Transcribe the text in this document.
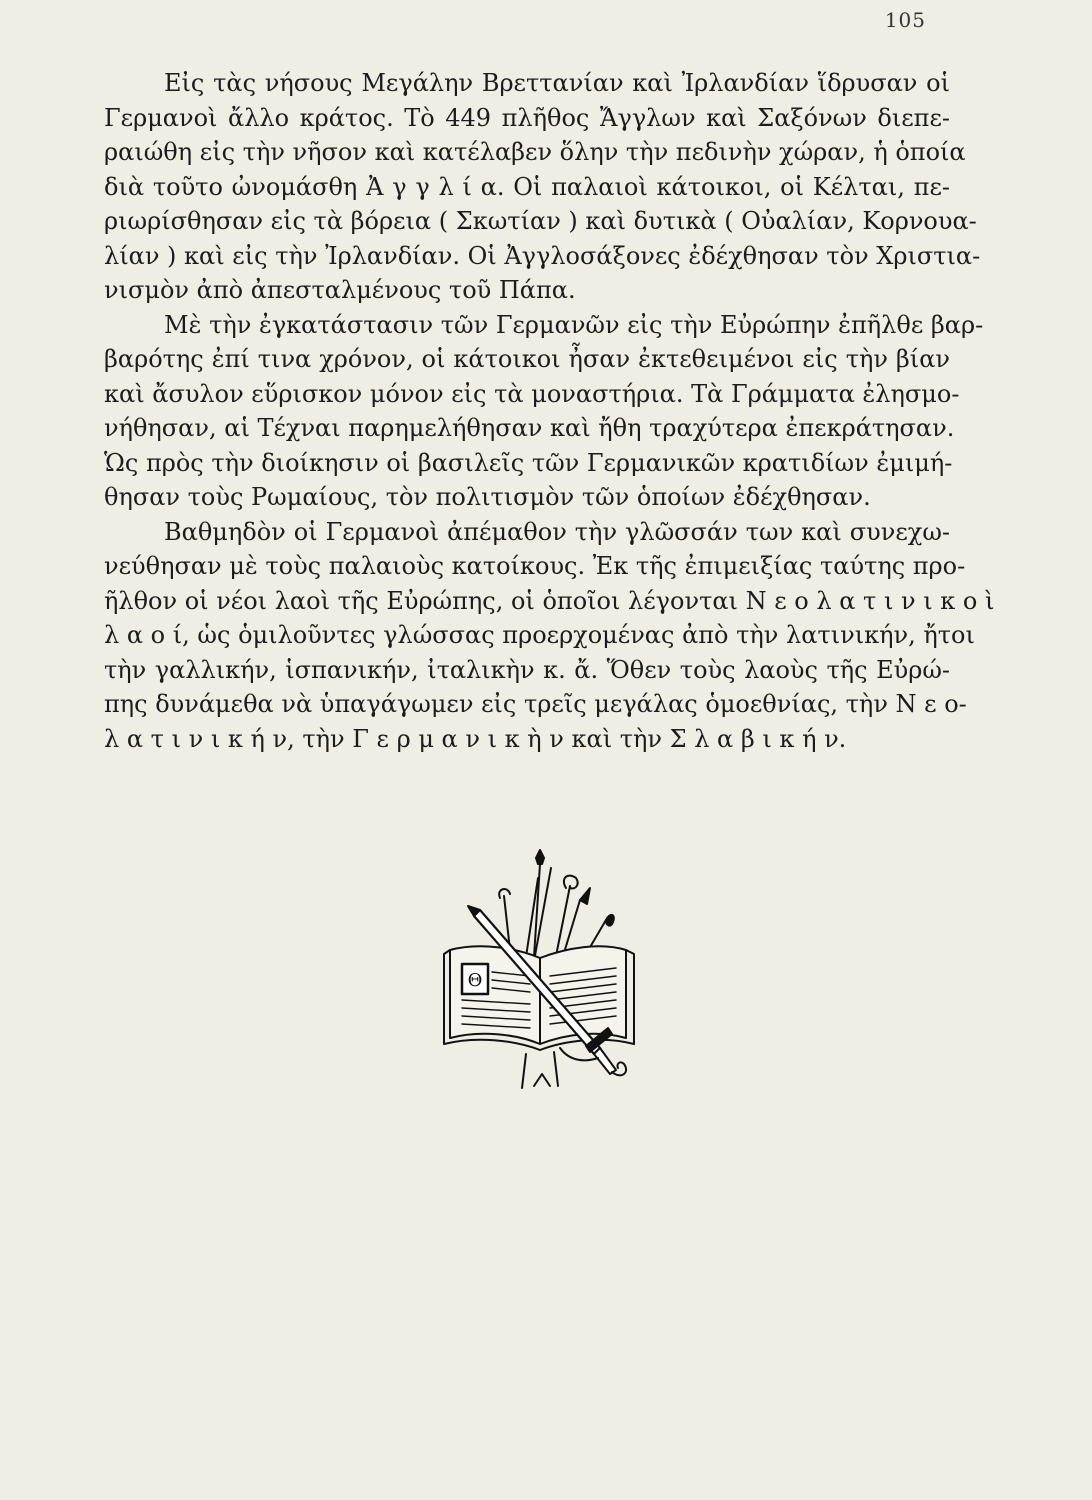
105
Εἰς τὰς νήσους Μεγάλην Βρεττανίαν καὶ Ἰρλανδίαν ἵδρυσαν οἱ
Γερμανοὶ ἄλλο κράτος. Τὸ 449 πλῆθος Ἄγγλων καὶ Σαξόνων διεπε-
ραιώθη εἰς τὴν νῆσον καὶ κατέλαβεν ὅλην τὴν πεδινὴν χώραν, ἡ ὁποία
διὰ τοῦτο ὠνομάσθη Ἀ γ γ λ ί α. Οἱ παλαιοὶ κάτοικοι, οἱ Κέλται, πε-
ριωρίσθησαν εἰς τὰ βόρεια ( Σκωτίαν ) καὶ δυτικὰ ( Οὐαλίαν, Κορνουα-
λίαν ) καὶ εἰς τὴν Ἰρλανδίαν. Οἱ Ἀγγλοσάξονες ἐδέχθησαν τὸν Χριστια-
νισμὸν ἀπὸ ἀπεσταλμένους τοῦ Πάπα.
Μὲ τὴν ἐγκατάστασιν τῶν Γερμανῶν εἰς τὴν Εὐρώπην ἐπῆλθε βαρ-
βαρότης ἐπί τινα χρόνον, οἱ κάτοικοι ἦσαν ἐκτεθειμένοι εἰς τὴν βίαν
καὶ ἄσυλον εὕρισκον μόνον εἰς τὰ μοναστήρια. Τὰ Γράμματα ἐλησμο-
νήθησαν, αἱ Τέχναι παρημελήθησαν καὶ ἤθη τραχύτερα ἐπεκράτησαν.
Ὡς πρὸς τὴν διοίκησιν οἱ βασιλεῖς τῶν Γερμανικῶν κρατιδίων ἐμιμή-
θησαν τοὺς Ρωμαίους, τὸν πολιτισμὸν τῶν ὁποίων ἐδέχθησαν.
Βαθμηδὸν οἱ Γερμανοὶ ἀπέμαθον τὴν γλῶσσάν των καὶ συνεχω-
νεύθησαν μὲ τοὺς παλαιοὺς κατοίκους. Ἐκ τῆς ἐπιμειξίας ταύτης προ-
ῆλθον οἱ νέοι λαοὶ τῆς Εὐρώπης, οἱ ὁποῖοι λέγονται Ν ε ο λ α τ ι ν ι κ ο ὶ
λ α ο ί, ὡς ὁμιλοῦντες γλώσσας προερχομένας ἀπὸ τὴν λατινικήν, ἤτοι
τὴν γαλλικήν, ἱσπανικήν, ἰταλικὴν κ. ἄ. Ὅθεν τοὺς λαοὺς τῆς Εὐρώ-
πης δυνάμεθα νὰ ὑπαγάγωμεν εἰς τρεῖς μεγάλας ὁμοεθνίας, τὴν Ν ε ο-
λ α τ ι ν ι κ ή ν, τὴν Γ ε ρ μ α ν ι κ ὴ ν καὶ τὴν Σ λ α β ι κ ή ν.
Θ
